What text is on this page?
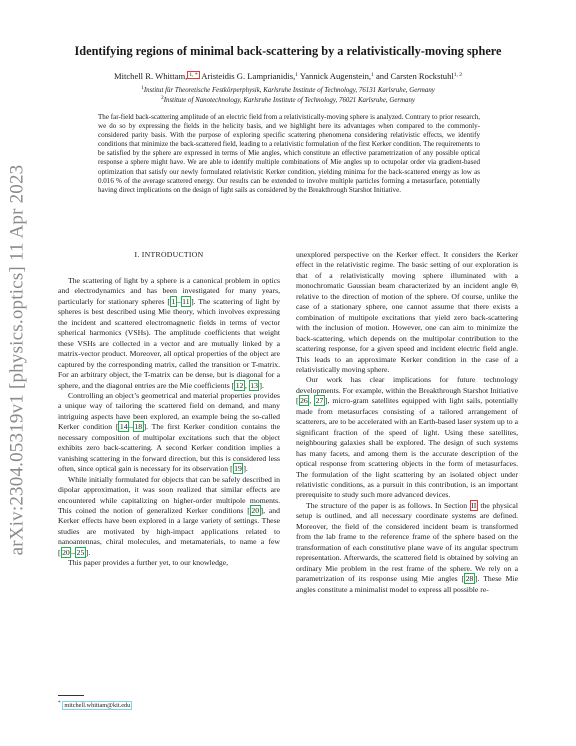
arXiv:2304.05319v1 [physics.optics] 11 Apr 2023
Identifying regions of minimal back-scattering by a relativistically-moving sphere
Mitchell R. Whittam, $^{1, *}$ Aristeidis G. Lamprianidis,$^1$ Yannick Augenstein,$^1$ and Carsten Rockstuhl$^{1, 2}$
$^1$Institut für Theoretische Festkörperphysik, Karlsruhe Institute of Technology, 76131 Karlsruhe, Germany
$^2$Institute of Nanotechnology, Karlsruhe Institute of Technology, 76021 Karlsruhe, Germany
The far-field back-scattering amplitude of an electric field from a relativistically-moving sphere is analyzed. Contrary to prior research, we do so by expressing the fields in the helicity basis, and we highlight here its advantages when compared to the commonly-considered parity basis. With the purpose of exploring specific scattering phenomena considering relativistic effects, we identify conditions that minimize the back-scattered field, leading to a relativistic formulation of the first Kerker condition. The requirements to be satisfied by the sphere are expressed in terms of Mie angles, which constitute an effective parametrization of any possible optical response a sphere might have. We are able to identify multiple combinations of Mie angles up to octupolar order via gradient-based optimization that satisfy our newly formulated relativistic Kerker condition, yielding minima for the back-scattered energy as low as 0.016 % of the average scattered energy. Our results can be extended to involve multiple particles forming a metasurface, potentially having direct implications on the design of light sails as considered by the Breakthrough Starshot Initiative.
I. INTRODUCTION

The scattering of light by a sphere is a canonical problem in optics and electrodynamics and has been investigated for many years, particularly for stationary spheres [ 1 – 11 ]. The scattering of light by spheres is best described using Mie theory, which involves expressing the incident and scattered electromagnetic fields in terms of vector spherical harmonics (VSHs). The amplitude coefficients that weight these VSHs are collected in a vector and are mutually linked by a matrix-vector product. Moreover, all optical properties of the object are captured by the corresponding matrix, called the transition or T-matrix. For an arbitrary object, the T-matrix can be dense, but is diagonal for a sphere, and the diagonal entries are the Mie coefficients [ 12 , 13 ].

Controlling an object’s geometrical and material properties provides a unique way of tailoring the scattered field on demand, and many intriguing aspects have been explored, an example being the so-called Kerker condition [ 14 – 18 ]. The first Kerker condition contains the necessary composition of multipolar excitations such that the object exhibits zero back-scattering. A second Kerker condition implies a vanishing scattering in the forward direction, but this is considered less often, since optical gain is necessary for its observation [ 19 ].

While initially formulated for objects that can be safely described in dipolar approximation, it was soon realized that similar effects are encountered while capitalizing on higher-order multipole moments. This coined the notion of generalized Kerker conditions [ 20 ], and Kerker effects have been explored in a large variety of settings. These studies are motivated by high-impact applications related to nanoantennas, chiral molecules, and metamaterials, to name a few [ 20 – 25 ].

This paper provides a further yet, to our knowledge,

unexplored perspective on the Kerker effect. It considers the Kerker effect in the relativistic regime. The basic setting of our exploration is that of a relativistically moving sphere illuminated with a monochromatic Gaussian beam characterized by an incident angle Θᵢ relative to the direction of motion of the sphere. Of course, unlike the case of a stationary sphere, one cannot assume that there exists a combination of multipole excitations that yield zero back-scattering with the inclusion of motion. However, one can aim to minimize the back-scattering, which depends on the multipolar contribution to the scattering response, for a given speed and incident electric field angle. This leads to an approximate Kerker condition in the case of a relativistically moving sphere.

Our work has clear implications for future technology developments. For example, within the Breakthrough Starshot Initiative [ 26 , 27 ], micro-gram satellites equipped with light sails, potentially made from metasurfaces consisting of a tailored arrangement of scatterers, are to be accelerated with an Earth-based laser system up to a significant fraction of the speed of light. Using these satellites, neighbouring galaxies shall be explored. The design of such systems has many facets, and among them is the accurate description of the optical response from scattering objects in the form of metasurfaces. The formulation of the light scattering by an isolated object under relativistic conditions, as a pursuit in this contribution, is an important prerequisite to study such more advanced devices.

The structure of the paper is as follows. In Section II the physical setup is outlined, and all necessary coordinate systems are defined. Moreover, the field of the considered incident beam is transformed from the lab frame to the reference frame of the sphere based on the transformation of each constitutive plane wave of its angular spectrum representation. Afterwards, the scattered field is obtained by solving an ordinary Mie problem in the rest frame of the sphere. We rely on a parametrization of its response using Mie angles [ 28 ]. These Mie angles constitute a minimalist model to express all possible re-

* mitchell.whittam@kit.edu
